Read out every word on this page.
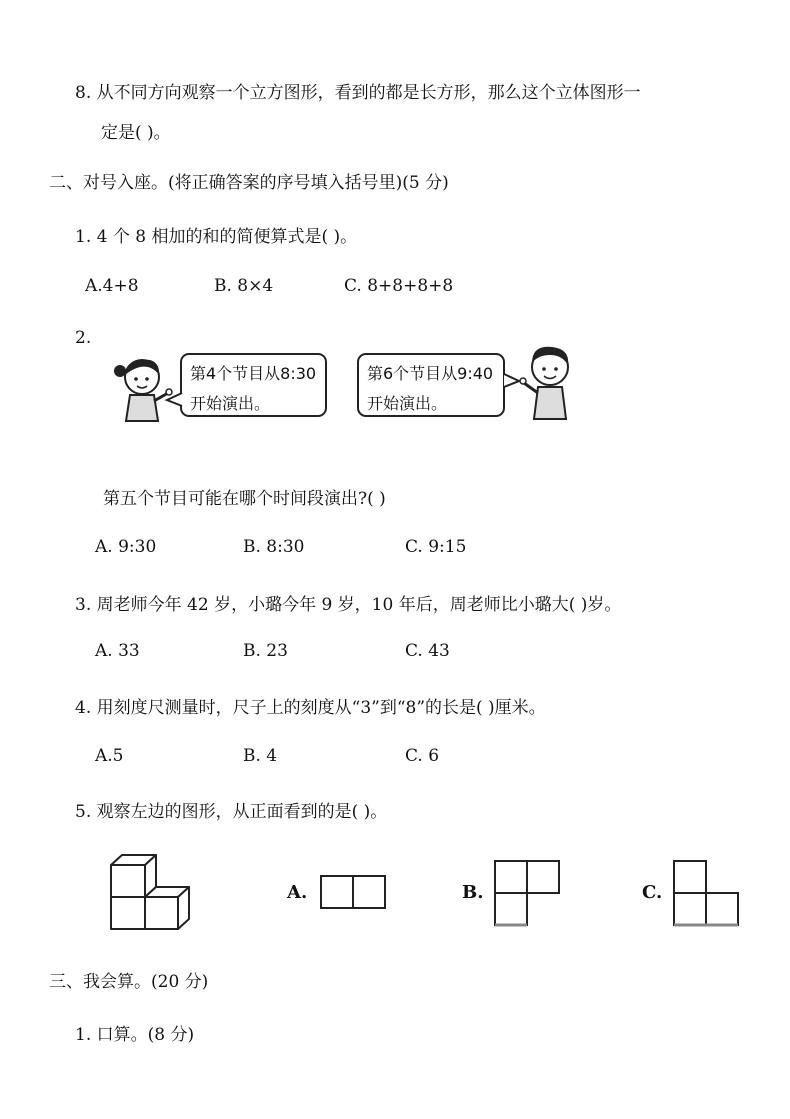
8. 从不同方向观察一个立方图形，看到的都是长方形，那么这个立体图形一
定是( )。
二、对号入座。(将正确答案的序号填入括号里)(5 分)
1. 4 个 8 相加的和的简便算式是( )。
A.4+8	B. 8×4	C. 8+8+8+8
2.
第4个节目从8:30
开始演出。
第6个节目从9:40
开始演出。
第五个节目可能在哪个时间段演出?( )
A. 9:30	B. 8:30	C. 9:15
3. 周老师今年 42 岁，小璐今年 9 岁，10 年后，周老师比小璐大( )岁。
A. 33	B. 23	C. 43
4. 用刻度尺测量时，尺子上的刻度从“3”到“8”的长是( )厘米。
A.5	B. 4	C. 6
5. 观察左边的图形，从正面看到的是( )。
A.	B.	C.
三、我会算。(20 分)
1. 口算。(8 分)
